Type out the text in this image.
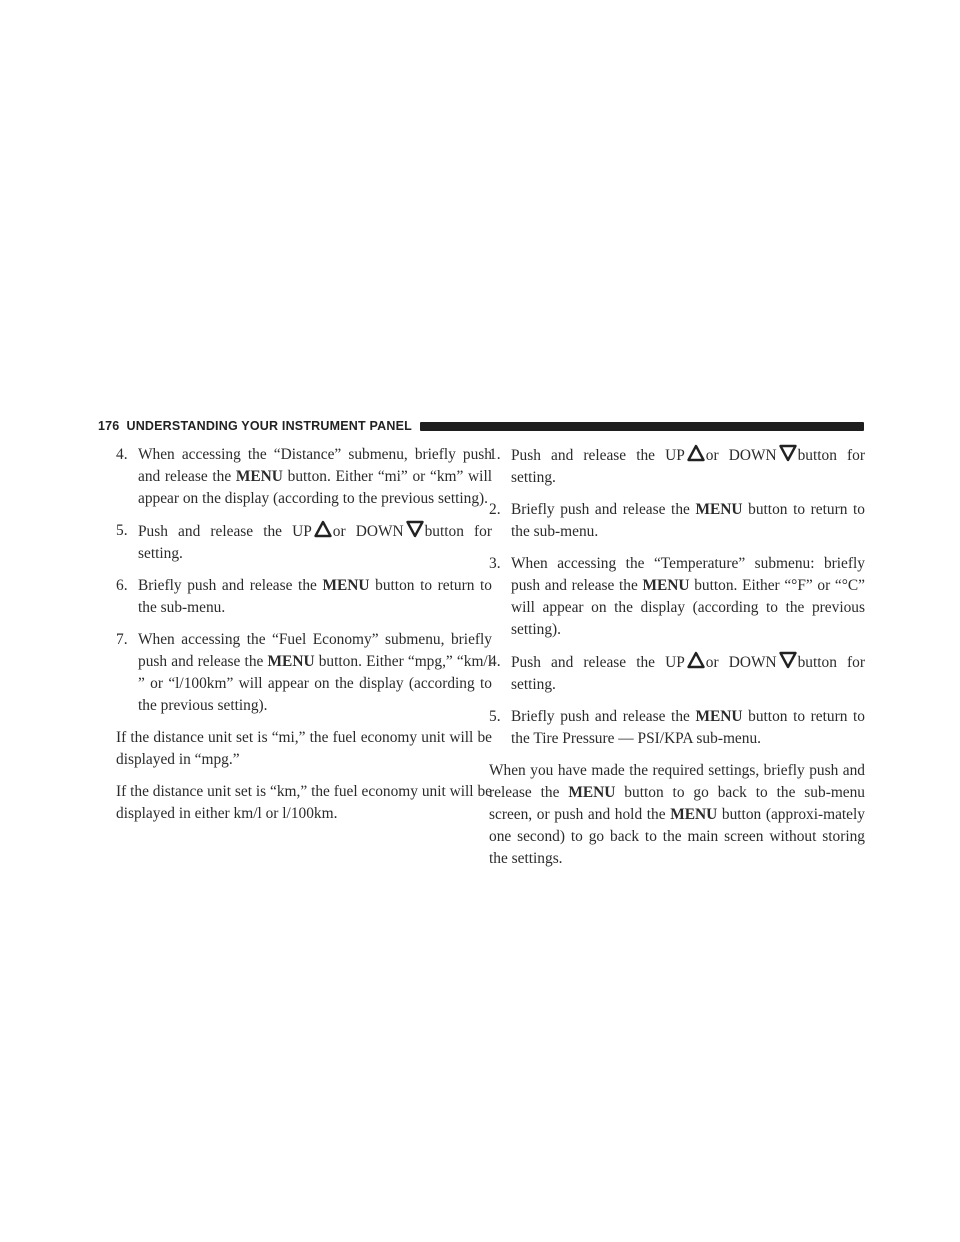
176 UNDERSTANDING YOUR INSTRUMENT PANEL
4. When accessing the “Distance” submenu, briefly push and release the MENU button. Either “mi” or “km” will appear on the display (according to the previous setting).
5. Push and release the UP or DOWN button for setting.
6. Briefly push and release the MENU button to return to the sub-menu.
7. When accessing the “Fuel Economy” submenu, briefly push and release the MENU button. Either “mpg,” “km/l ” or “l/100km” will appear on the display (according to the previous setting).

If the distance unit set is “mi,” the fuel economy unit will be displayed in “mpg.”

If the distance unit set is “km,” the fuel economy unit will be displayed in either km/l or l/100km.

1. Push and release the UP or DOWN button for setting.
2. Briefly push and release the MENU button to return to the sub-menu.
3. When accessing the “Temperature” submenu: briefly push and release the MENU button. Either “°F” or “°C” will appear on the display (according to the previous setting).
4. Push and release the UP or DOWN button for setting.
5. Briefly push and release the MENU button to return to the Tire Pressure — PSI/KPA sub-menu.

When you have made the required settings, briefly push and release the MENU button to go back to the sub-menu screen, or push and hold the MENU button (approxi-mately one second) to go back to the main screen without storing the settings.
